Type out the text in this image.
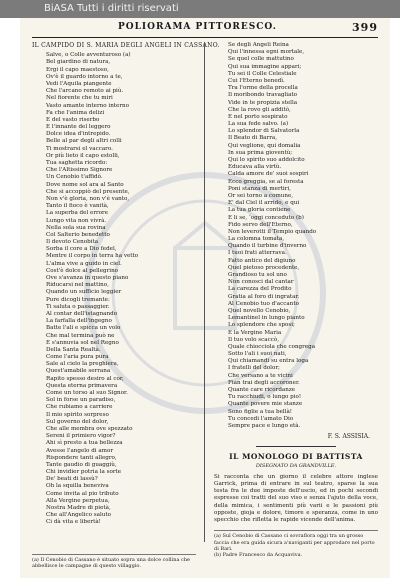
BiASA Tutti i diritti riservati
POLIORAMA PITTORESCO.	399
IL CAMPIDO DI S. MARIA DEGLI ANGELI IN CASSANO.
Salve, o Colle avventuroso (a)
Bel giardino di natura,
Ergi il capo maestoso,
Ov'è il guardo intorno a te,
Vedi l'Aquila piangente
Che l'arcano remoto ai più.
Nel fiorente che tu miri
Vasto amante interno interno
Fa che l'anima delizi
E del vasto riserbo
E l'innante del leggero
Dolce idea d'intrepido.
Belle al par degli altri colli
Ti mostrarsi el vaccaro.
Or più lieto il capo estolli,
Tua saghetta ricordo:
Che l'Altissimo Signore
Un Cenobio t'affidò.
Dove nome sol ara al Santo
Che si accoppiò del presente,
Non v'è gloria, non v'è vanto,
Tanto il fioco è vanità,
La superba del errore
Lungo vita non vivrà.
Nella sola sua rovina
Col Salterio benedetto
Il devoto Cenobita
Sorba il core a Dio fedel,
Mentre il corpo in terra ha vetto
L'alma vive a guido in ciel.
Cost'è dolce al pellegrino
Ove s'avanza in questo piano
Riducarsi nel mattino,
Quando un sufficio leggier
Pure dicogli tremante:
Ti saluta o passaggier.
Al contar dell'istagnando
La farfalla dell'ingegno
Batte l'ali e spicca un volo
Che mal termina può ne
E s'annuvia sol nel Regno
Della Santa Realtà.
Come l'aria pura pura
Sale al cielo la preghiera,
Quest'amabile serrana
Rapito spesso desiro al cor,
Questa eterna primavera
Come un torso al suo Signor.
Sol in forse un paradiso,
Che rubiamo a carriere
Il mio spirito sorpreso
Sul governo del dolor,
Che alle membra ove spezzato
Sereni il primiero vigor?
Ahi sì presto a tua bellezza
Avesse l'angelo di amor
Rispondere tanti allegro,
Tante gaudio di guaggiù,
Chi invidier potria la sorte
De' beati di lassù?
Oh la squilla beneviva
Come invita al pio tributo
Alla Vergine perpetua,
Nostra Madre di pietà,
Che all'Angelico saluto
Ci dà vita e libertà!
Se degli Angeli Reina
Qui l'innessa egni mortale,
Se quel colle mattutino
Qui sua immagine appari;
Tu sei il Colle Celestiale
Cui l'Eterno benedì.
Tra l'orme della procella
Il moribondo travagliato
Vide in te propizia stella
Che la rovo gli additò,
E nel porto sospirato
La sua fede salvo. (a)
Lo splendor di Salvatorla
Il Beato di Barra,
Qui veglione, qui domalia
In sua prima gioventù;
Qui lo spirito suo addolcito
Educava alla virtù.
Calda amore de' suoi sospiri
Ecco greggia, se al foresta
Poni stanza di mertiri,
Or sei torno a comune,
E' dal Ciel il arrido, e qui
La tua gloria contiene
E li se, ‘oggi conceduto (b)
Fido servo dell'Eterno,
Non leverotti il Tempio quando
La colomna tomata,
Quando il turbine d'inverno
I tuoi frati atterrava.
Fatto antico del digiuno
Quel pietoso procedente,
Grandioso tu sol uno
Non conosci dal cantar
La carezza del Prodito
Gratia al foro di ingratar.
Al Cenobio tuo d'accanto
Quel novello Cenobio,
Lemantinel in lungo pianto
Lo splendore che sposi;
E la Vergine Maria
Il tuo volo scaccò,
Quale chiocciola che congrega
Sotto l'ali i suoi nati,
Qui chiamandi su entra loga
I fratelli del dolor;
Che versano a te vicini
Fian trai degli accoroner.
Quante care ricordanze
Tu racchiudi, o lungo pio!
Quante povere mie stanze
Sono figlie a tua bellà!
Tu concedi l'amato Dio
Sempre pace e lungo età.
F. S. ASSISIA.
IL MONOLOGO DI BATTISTA
DISEGNATO DA GRANDVILLE.
Si racconta che un giorno il celebre attore inglese Garrick, prima di entrare in sul teatro, sparse la sua testa fra le due imposte dell'uscio, ed in pochi secondi espresse coi tratti del suo viso e senza l'ajuto della voce, della mimica, i sentimenti più varii e le passioni più opposte, gioja e dolore, timore e speranza, come in uno specchio che rifletta le rapide vicende dell'anima.
(a) Sul Cenobio di Cassano ci sovraflora oggi tra un grosso faccia che era guida sicura a'naviganti per approdare nel porto di Bari.
(b) Padre Francesco da Acquaviva.
(a) Il Cenobio di Cassano è situato sopra una dolce collina che abbellisce le campagne di questo villaggio.
